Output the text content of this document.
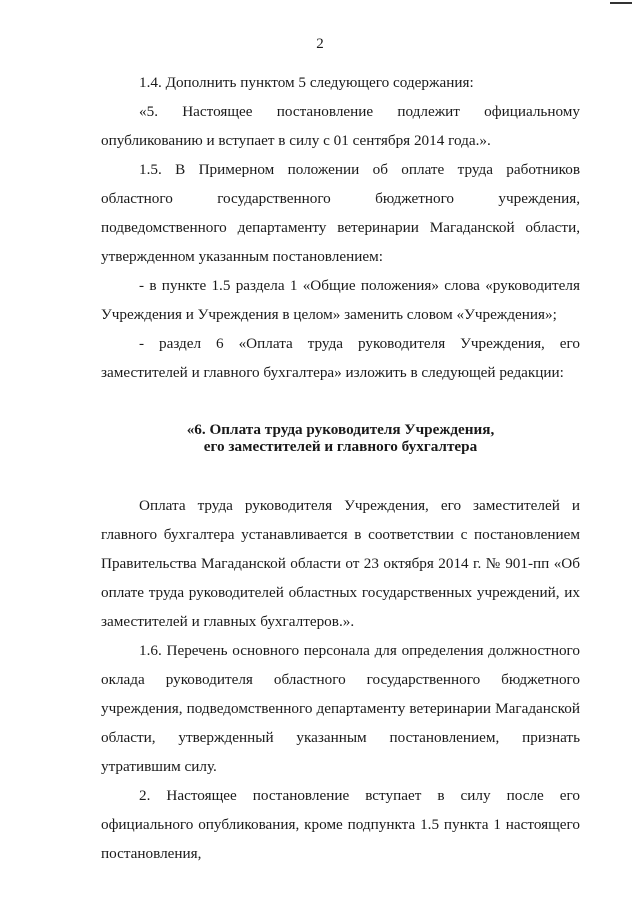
2

1.4. Дополнить пунктом 5 следующего содержания:

«5. Настоящее постановление подлежит официальному опубликованию и вступает в силу с 01 сентября 2014 года.».

1.5. В Примерном положении об оплате труда работников областного государственного бюджетного учреждения, подведомственного департаменту ветеринарии Магаданской области, утвержденном указанным постановлением:

- в пункте 1.5 раздела 1 «Общие положения» слова «руководителя Учреждения и Учреждения в целом» заменить словом «Учреждения»;

- раздел 6 «Оплата труда руководителя Учреждения, его заместителей и главного бухгалтера» изложить в следующей редакции:

«6. Оплата труда руководителя Учреждения,
его заместителей и главного бухгалтера

Оплата труда руководителя Учреждения, его заместителей и главного бухгалтера устанавливается в соответствии с постановлением Правительства Магаданской области от 23 октября 2014 г. № 901-пп «Об оплате труда руководителей областных государственных учреждений, их заместителей и главных бухгалтеров.».

1.6. Перечень основного персонала для определения должностного оклада руководителя областного государственного бюджетного учреждения, подведомственного департаменту ветеринарии Магаданской области, утвержденный указанным постановлением, признать утратившим силу.

2. Настоящее постановление вступает в силу после его официального опубликования, кроме подпункта 1.5 пункта 1 настоящего постановления,
